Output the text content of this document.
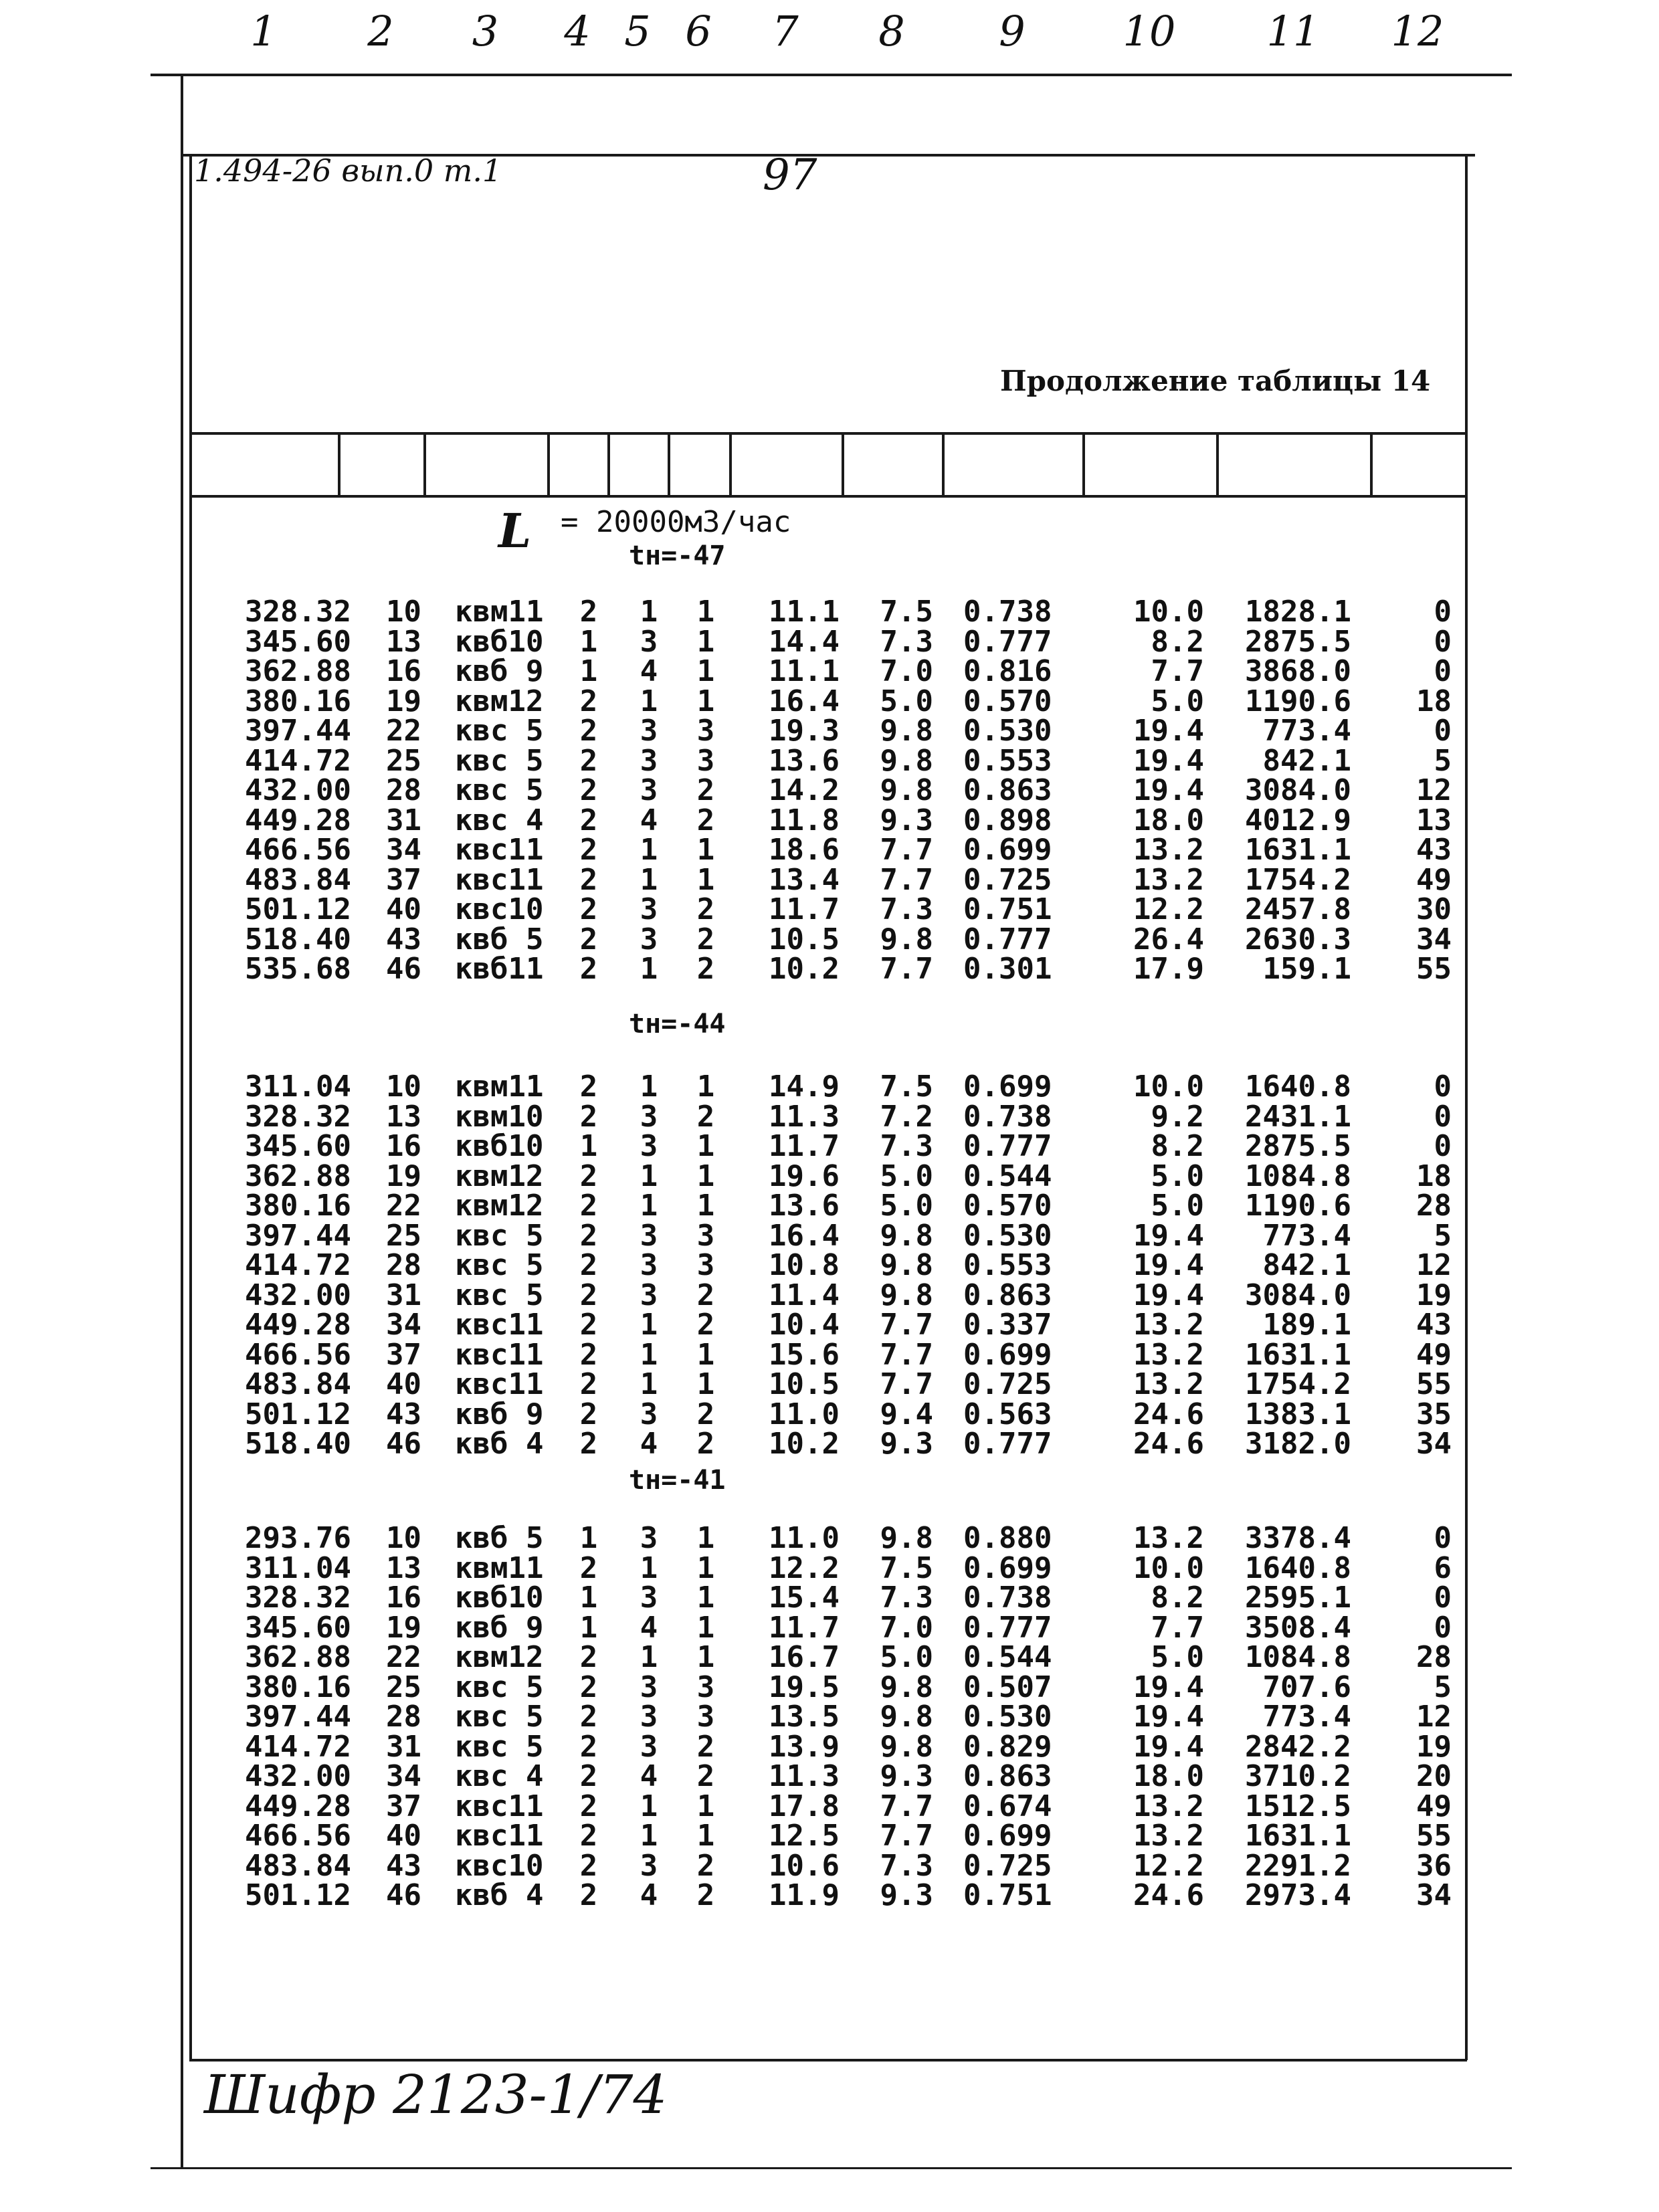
1.494-26 вып.0 т.1	97
Продолжение таблицы 14
1	2	3	4 5 6	7	8	9	10	11	12
L = 20000м3/час
tн=-47
328.32	10 квм11	2 1 1	11.1	7.5 0.738	10.0	1828.1	0
345.60	13 квб10	1 3 1	14.4	7.3 0.777	8.2	2875.5	0
362.88	16 квб 9	1 4 1	11.1	7.0 0.816	7.7	3868.0	0
380.16	19 квм12	2 1 1	16.4	5.0 0.570	5.0	1190.6	18
397.44	22 квс 5	2 3 3	19.3	9.8 0.530	19.4	773.4	0
414.72	25 квс 5	2 3 3	13.6	9.8 0.553	19.4	842.1	5
432.00	28 квс 5	2 3 2	14.2	9.8 0.863	19.4	3084.0	12
449.28	31 квс 4	2 4 2	11.8	9.3 0.898	18.0	4012.9	13
466.56	34 квс11	2 1 1	18.6	7.7 0.699	13.2	1631.1	43
483.84	37 квс11	2 1 1	13.4	7.7 0.725	13.2	1754.2	49
501.12	40 квс10	2 3 2	11.7	7.3 0.751	12.2	2457.8	30
518.40	43 квб 5	2 3 2	10.5	9.8 0.777	26.4	2630.3	34
535.68	46 квб11	2 1 2	10.2	7.7 0.301	17.9	159.1	55
tн=-44
311.04	10 квм11	2 1 1	14.9	7.5 0.699	10.0	1640.8	0
328.32	13 квм10	2 3 2	11.3	7.2 0.738	9.2	2431.1	0
345.60	16 квб10	1 3 1	11.7	7.3 0.777	8.2	2875.5	0
362.88	19 квм12	2 1 1	19.6	5.0 0.544	5.0	1084.8	18
380.16	22 квм12	2 1 1	13.6	5.0 0.570	5.0	1190.6	28
397.44	25 квс 5	2 3 3	16.4	9.8 0.530	19.4	773.4	5
414.72	28 квс 5	2 3 3	10.8	9.8 0.553	19.4	842.1	12
432.00	31 квс 5	2 3 2	11.4	9.8 0.863	19.4	3084.0	19
449.28	34 квс11	2 1 2	10.4	7.7 0.337	13.2	189.1	43
466.56	37 квс11	2 1 1	15.6	7.7 0.699	13.2	1631.1	49
483.84	40 квс11	2 1 1	10.5	7.7 0.725	13.2	1754.2	55
501.12	43 квб 9	2 3 2	11.0	9.4 0.563	24.6	1383.1	35
518.40	46 квб 4	2 4 2	10.2	9.3 0.777	24.6	3182.0	34
tн=-41
293.76	10 квб 5	1 3 1	11.0	9.8 0.880	13.2	3378.4	0
311.04	13 квм11	2 1 1	12.2	7.5 0.699	10.0	1640.8	6
328.32	16 квб10	1 3 1	15.4	7.3 0.738	8.2	2595.1	0
345.60	19 квб 9	1 4 1	11.7	7.0 0.777	7.7	3508.4	0
362.88	22 квм12	2 1 1	16.7	5.0 0.544	5.0	1084.8	28
380.16	25 квс 5	2 3 3	19.5	9.8 0.507	19.4	707.6	5
397.44	28 квс 5	2 3 3	13.5	9.8 0.530	19.4	773.4	12
414.72	31 квс 5	2 3 2	13.9	9.8 0.829	19.4	2842.2	19
432.00	34 квс 4	2 4 2	11.3	9.3 0.863	18.0	3710.2	20
449.28	37 квс11	2 1 1	17.8	7.7 0.674	13.2	1512.5	49
466.56	40 квс11	2 1 1	12.5	7.7 0.699	13.2	1631.1	55
483.84	43 квс10	2 3 2	10.6	7.3 0.725	12.2	2291.2	36
501.12	46 квб 4	2 4 2	11.9	9.3 0.751	24.6	2973.4	34
Шифр 2123-1/74
